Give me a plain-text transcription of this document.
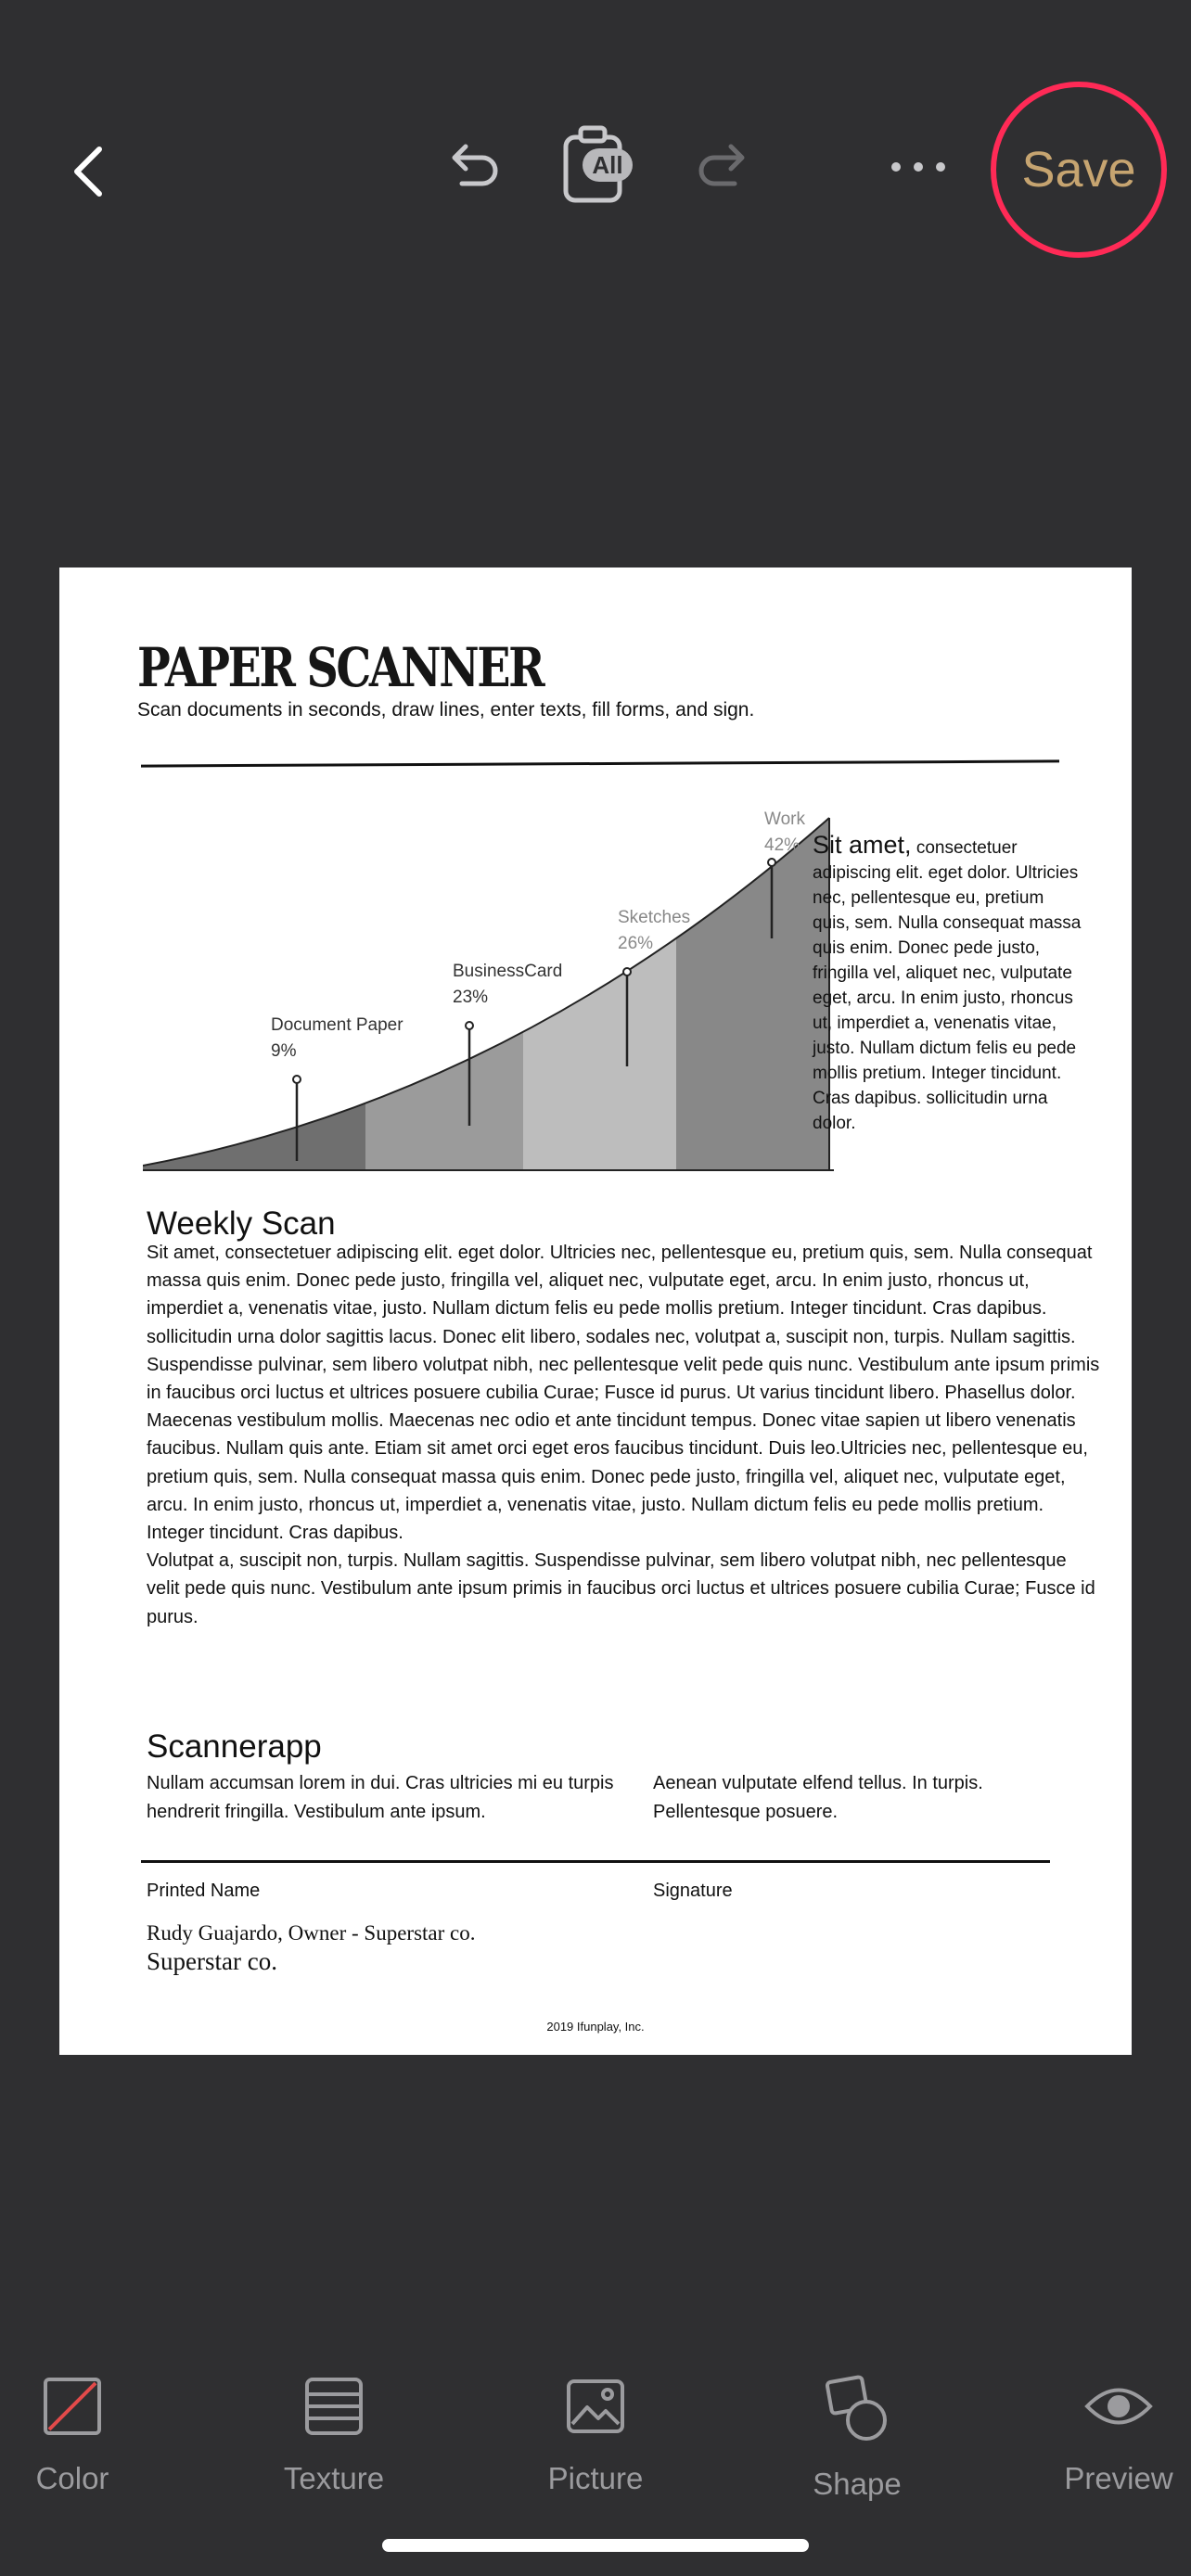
All	Save
PAPER SCANNER
Scan documents in seconds, draw lines, enter texts, fill forms, and sign.
Document Paper
9%
BusinessCard
23%
Sketches
26%
Work
42% Sit amet, consectetuer adipiscing elit. eget dolor. Ultricies nec, pellentesque eu, pretium quis, sem. Nulla consequat massa quis enim. Donec pede justo, fringilla vel, aliquet nec, vulputate eget, arcu. In enim justo, rhoncus ut, imperdiet a, venenatis vitae, justo. Nullam dictum felis eu pede mollis pretium. Integer tincidunt. Cras dapibus. sollicitudin urna dolor.
Weekly Scan

Sit amet, consectetuer adipiscing elit. eget dolor. Ultricies nec, pellentesque eu, pretium quis, sem. Nulla consequat massa quis enim. Donec pede justo, fringilla vel, aliquet nec, vulputate eget, arcu. In enim justo, rhoncus ut, imperdiet a, venenatis vitae, justo. Nullam dictum felis eu pede mollis pretium. Integer tincidunt. Cras dapibus.

sollicitudin urna dolor sagittis lacus. Donec elit libero, sodales nec, volutpat a, suscipit non, turpis. Nullam sagittis. Suspendisse pulvinar, sem libero volutpat nibh, nec pellentesque velit pede quis nunc. Vestibulum ante ipsum primis in faucibus orci luctus et ultrices posuere cubilia Curae; Fusce id purus. Ut varius tincidunt libero. Phasellus dolor. Maecenas vestibulum mollis. Maecenas nec odio et ante tincidunt tempus. Donec vitae sapien ut libero venenatis faucibus. Nullam quis ante. Etiam sit amet orci eget eros faucibus tincidunt. Duis leo.Ultricies nec, pellentesque eu, pretium quis, sem. Nulla consequat massa quis enim. Donec pede justo, fringilla vel, aliquet nec, vulputate eget, arcu. In enim justo, rhoncus ut, imperdiet a, venenatis vitae, justo. Nullam dictum felis eu pede mollis pretium. Integer tincidunt. Cras dapibus.

Volutpat a, suscipit non, turpis. Nullam sagittis. Suspendisse pulvinar, sem libero volutpat nibh, nec pellentesque velit pede quis nunc. Vestibulum ante ipsum primis in faucibus orci luctus et ultrices posuere cubilia Curae; Fusce id purus.

Scannerapp
Nullam accumsan lorem in dui. Cras ultricies mi eu turpis hendrerit fringilla. Vestibulum ante ipsum.
Aenean vulputate elfend tellus. In turpis. Pellentesque posuere.
Printed Name	Signature
Rudy Guajardo, Owner - Superstar co.
Superstar co.
2019 Ifunplay, Inc.
Color	Texture	Picture	Shape	Preview
